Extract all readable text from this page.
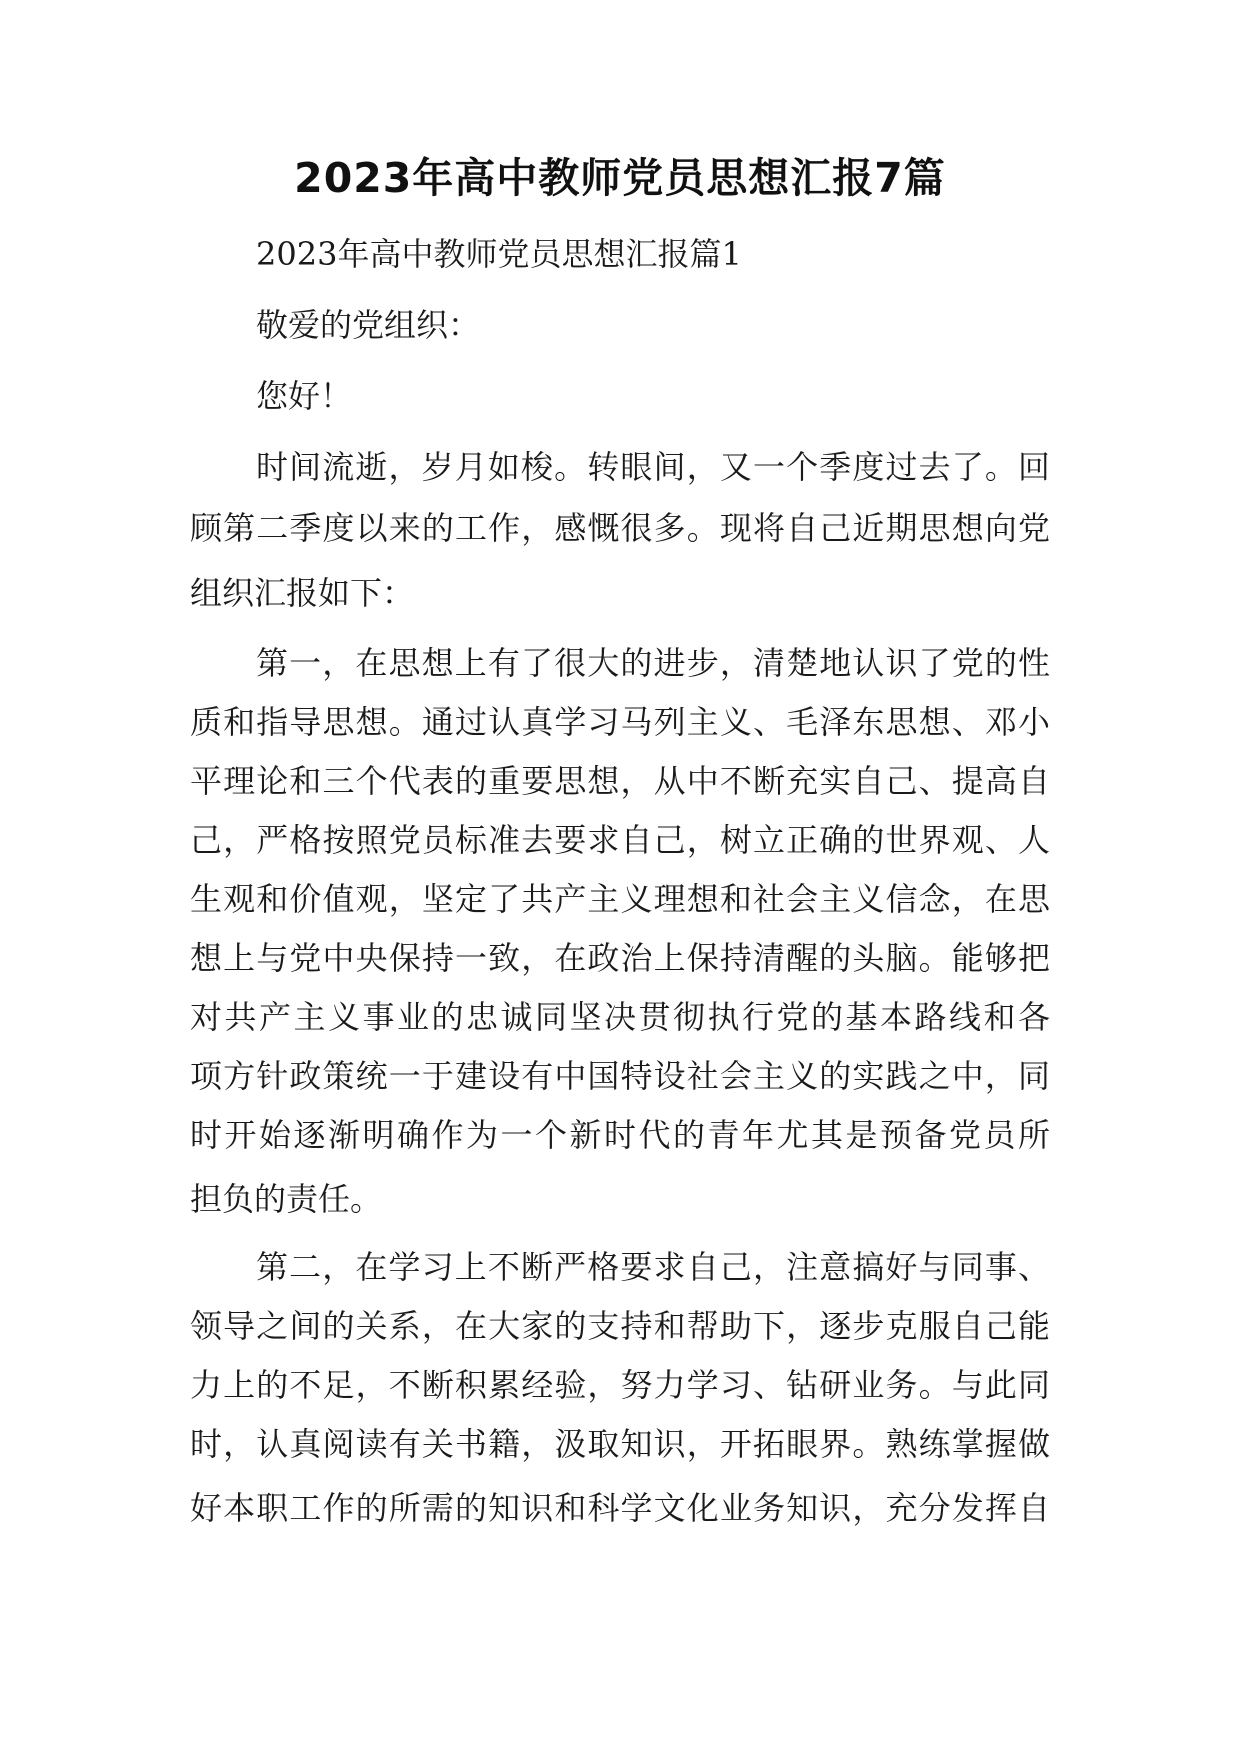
2023年高中教师党员思想汇报7篇
2023年高中教师党员思想汇报篇1
敬爱的党组织：
您好！
时间流逝，岁月如梭。转眼间，又一个季度过去了。回
顾第二季度以来的工作，感慨很多。现将自己近期思想向党
组织汇报如下：
第一，在思想上有了很大的进步，清楚地认识了党的性
质和指导思想。通过认真学习马列主义、毛泽东思想、邓小
平理论和三个代表的重要思想，从中不断充实自己、提高自
己，严格按照党员标准去要求自己，树立正确的世界观、人
生观和价值观，坚定了共产主义理想和社会主义信念，在思
想上与党中央保持一致，在政治上保持清醒的头脑。能够把
对共产主义事业的忠诚同坚决贯彻执行党的基本路线和各
项方针政策统一于建设有中国特设社会主义的实践之中，同
时开始逐渐明确作为一个新时代的青年尤其是预备党员所
担负的责任。
第二，在学习上不断严格要求自己，注意搞好与同事、
领导之间的关系，在大家的支持和帮助下，逐步克服自己能
力上的不足，不断积累经验，努力学习、钻研业务。与此同
时，认真阅读有关书籍，汲取知识，开拓眼界。熟练掌握做
好本职工作的所需的知识和科学文化业务知识，充分发挥自
